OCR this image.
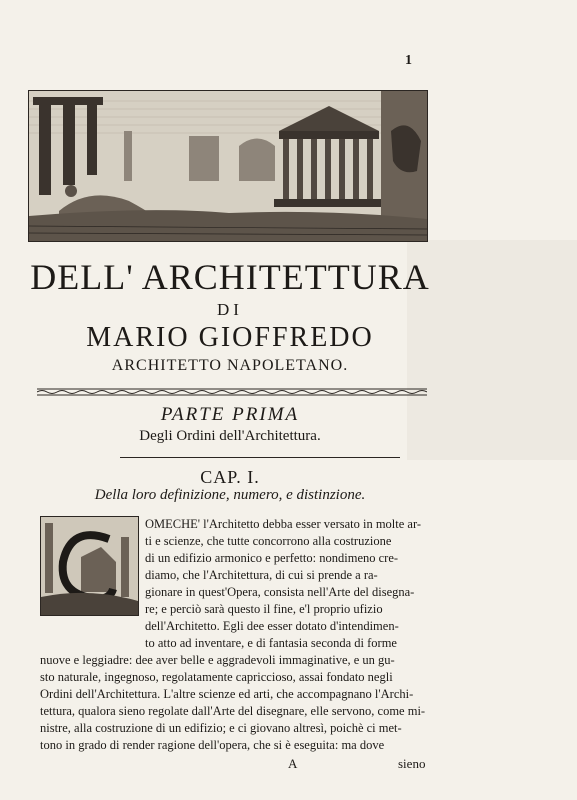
1
DELL' ARCHITETTURA
DI
MARIO GIOFFREDO
ARCHITETTO NAPOLETANO.
PARTE PRIMA
Degli Ordini dell'Architettura.
CAP. I.
Della loro definizione, numero, e distinzione.
OMECHE' l'Architetto debba esser versato in molte ar-
ti e scienze, che tutte concorrono alla costruzione
di un edifizio armonico e perfetto: nondimeno cre-
diamo, che l'Architettura, di cui si prende a ra-
gionare in quest'Opera, consista nell'Arte del disegna-
re; e perciò sarà questo il fine, e'l proprio ufizio
dell'Architetto. Egli dee esser dotato d'intendimen-
to atto ad inventare, e di fantasia seconda di forme
nuove e leggiadre: dee aver belle e aggradevoli immaginative, e un gu-
sto naturale, ingegnoso, regolatamente capriccioso, assai fondato negli
Ordini dell'Architettura. L'altre scienze ed arti, che accompagnano l'Archi-
tettura, qualora sieno regolate dall'Arte del disegnare, elle servono, come mi-
nistre, alla costruzione di un edifizio; e ci giovano altresì, poichè ci met-
tono in grado di render ragione dell'opera, che si è eseguita: ma dove
A	sieno
